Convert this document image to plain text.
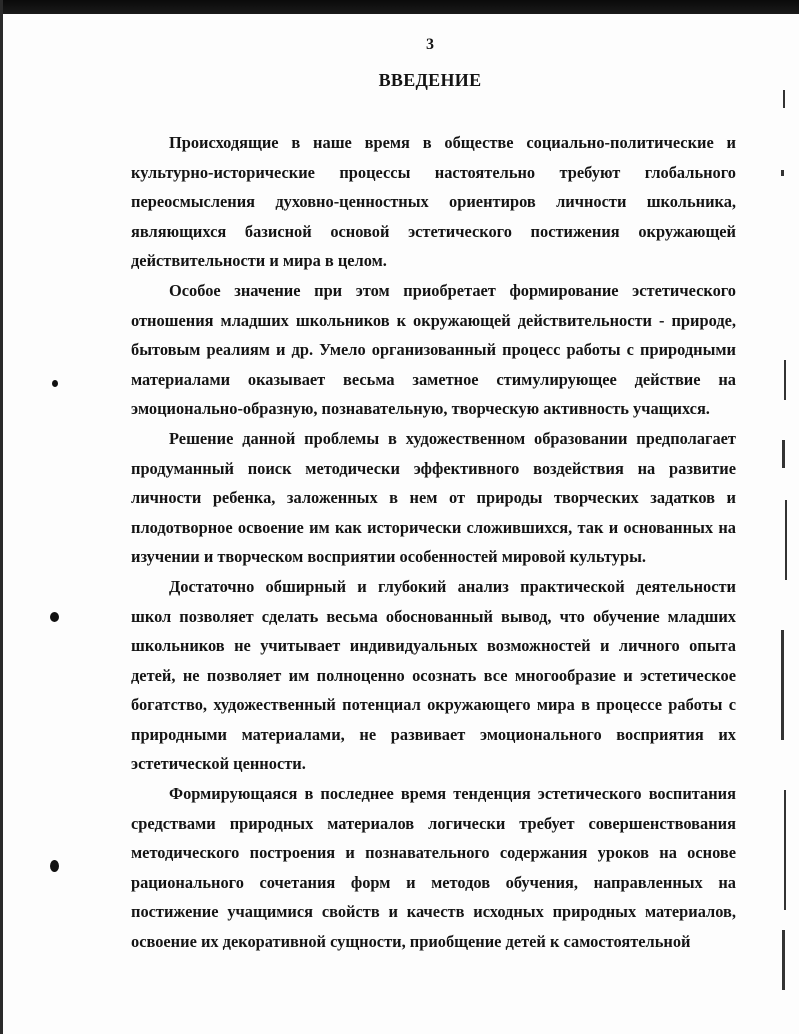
3
ВВЕДЕНИЕ

Происходящие в наше время в обществе социально-политические и культурно-исторические процессы настоятельно требуют глобального переосмысления духовно-ценностных ориентиров личности школьника, являющихся базисной основой эстетического постижения окружающей действительности и мира в целом.

Особое значение при этом приобретает формирование эстетического отношения младших школьников к окружающей действительности - природе, бытовым реалиям и др. Умело организованный процесс работы с природными материалами оказывает весьма заметное стимулирующее действие на эмоционально-образную, познавательную, творческую активность учащихся.

Решение данной проблемы в художественном образовании предполагает продуманный поиск методически эффективного воздействия на развитие личности ребенка, заложенных в нем от природы творческих задатков и плодотворное освоение им как исторически сложившихся, так и основанных на изучении и творческом восприятии особенностей мировой культуры.

Достаточно обширный и глубокий анализ практической деятельности школ позволяет сделать весьма обоснованный вывод, что обучение младших школьников не учитывает индивидуальных возможностей и личного опыта детей, не позволяет им полноценно осознать все многообразие и эстетическое богатство, художественный потенциал окружающего мира в процессе работы с природными материалами, не развивает эмоционального восприятия их эстетической ценности.

Формирующаяся в последнее время тенденция эстетического воспитания средствами природных материалов логически требует совершенствования методического построения и познавательного содержания уроков на основе рационального сочетания форм и методов обучения, направленных на постижение учащимися свойств и качеств исходных природных материалов, освоение их декоративной сущности, приобщение детей к самостоятельной
